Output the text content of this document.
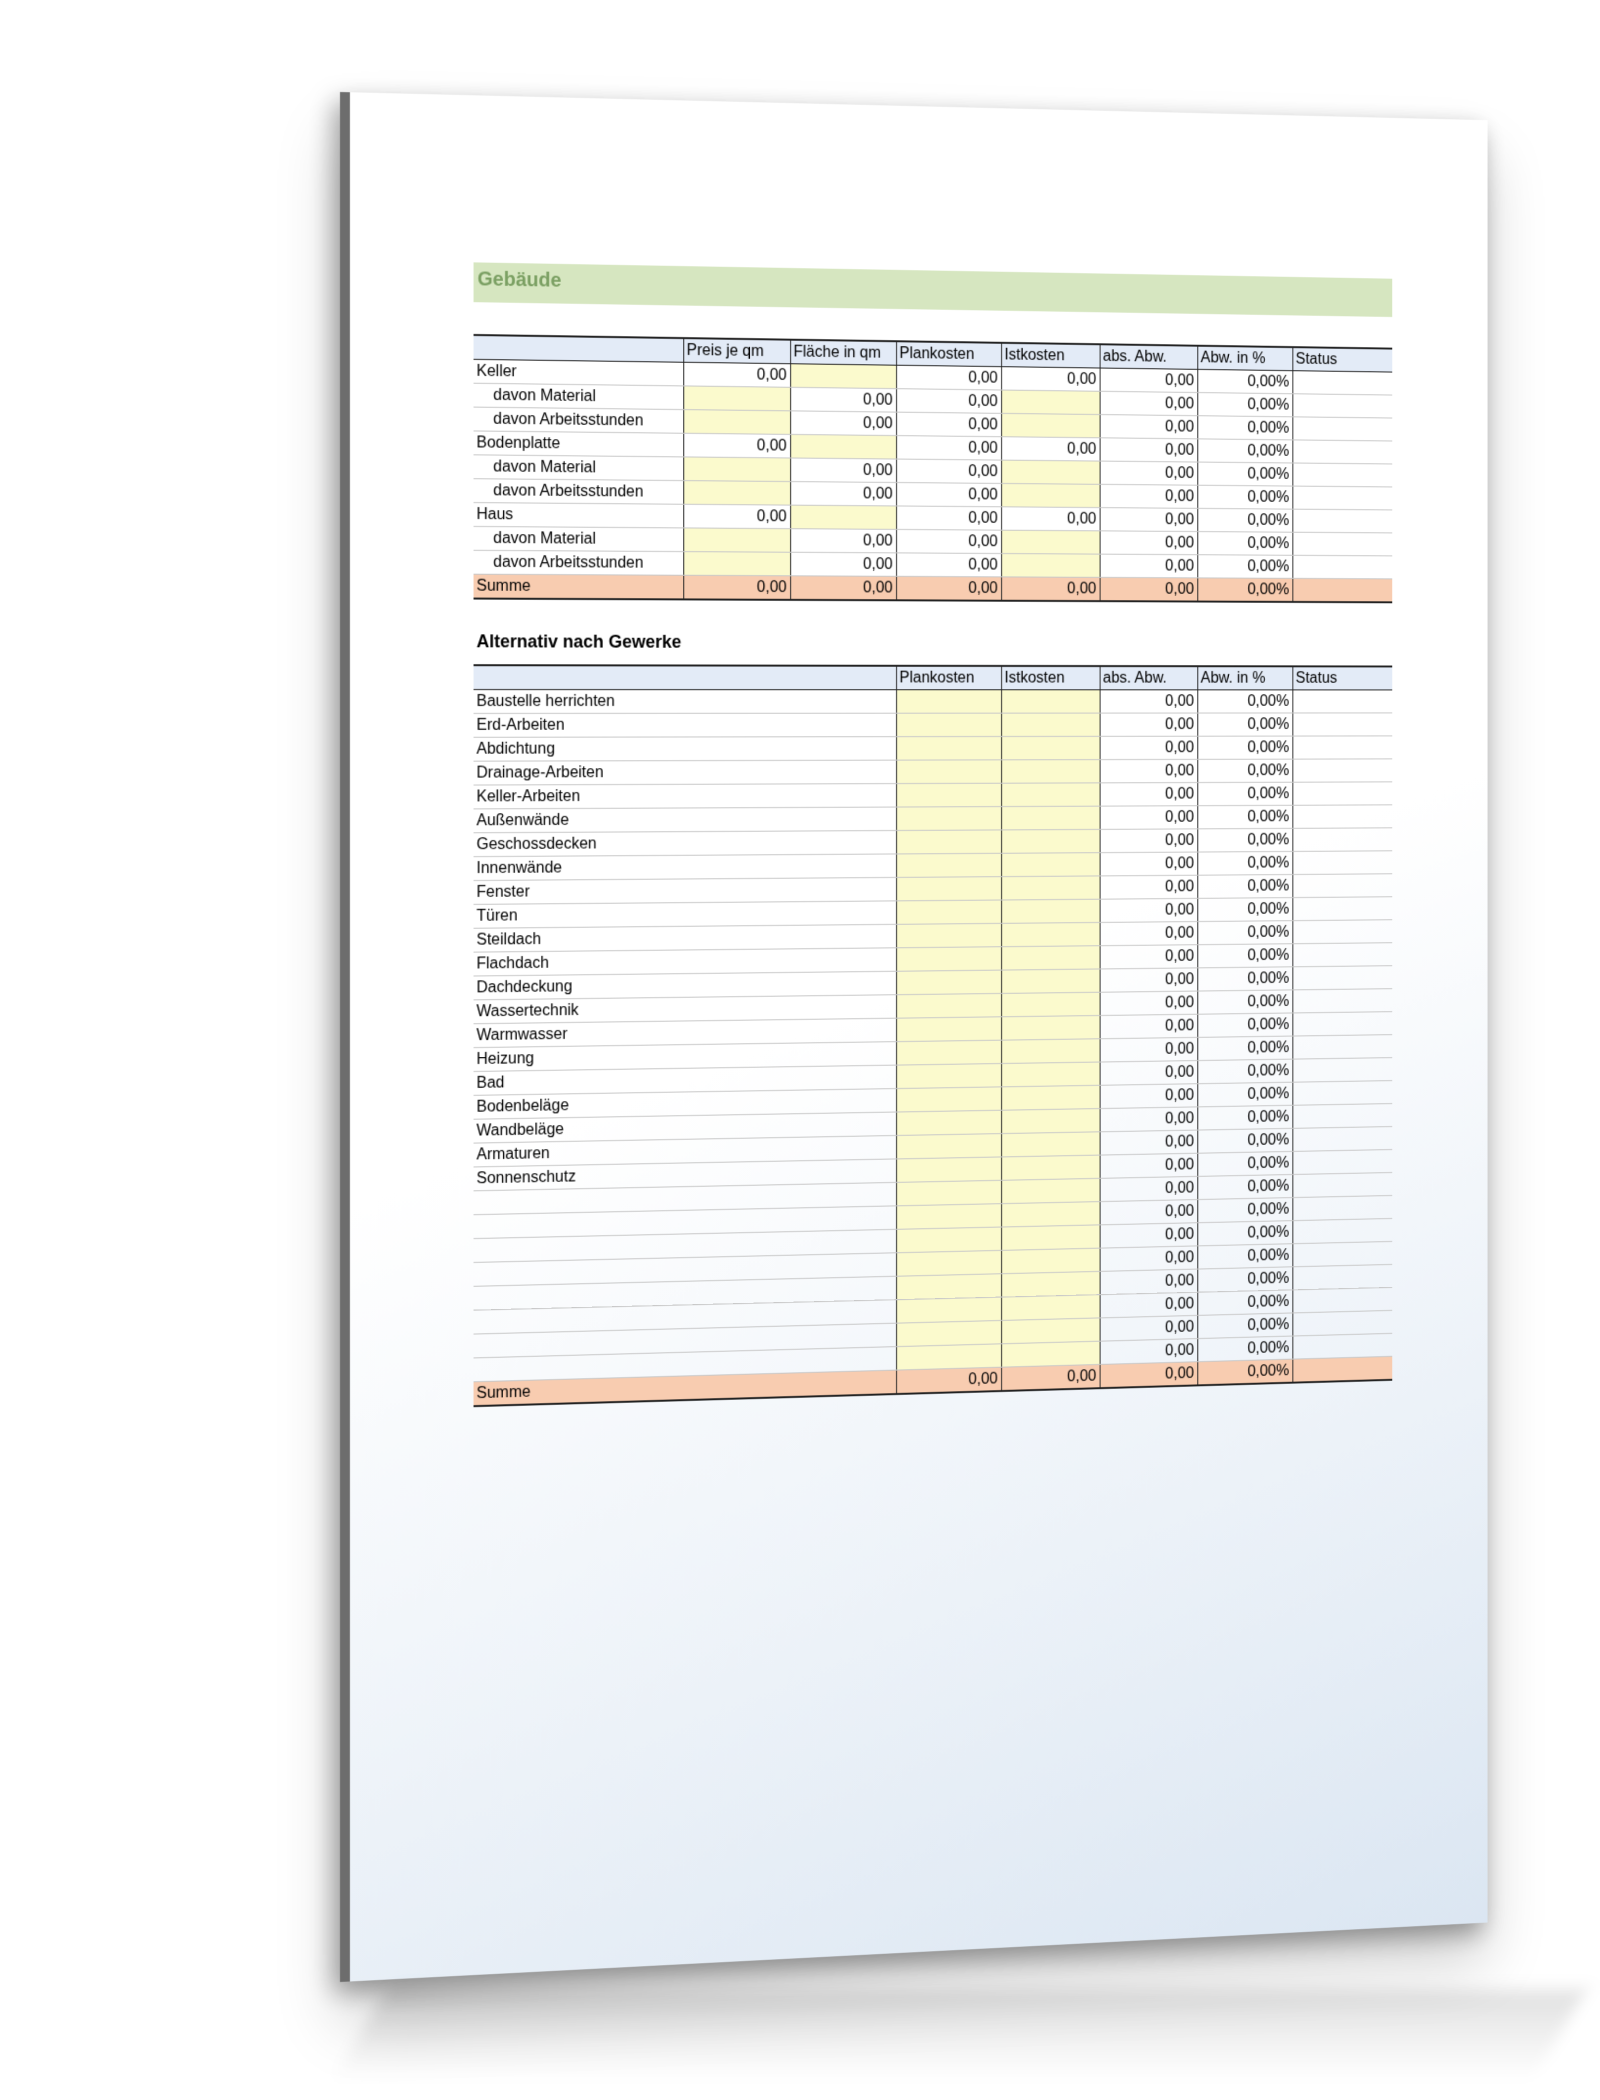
Gebäude
	Preis je qm	Fläche in qm	Plankosten	Istkosten	abs. Abw.	Abw. in %	Status
Keller	0,00		0,00	0,00	0,00	0,00%	
davon Material		0,00	0,00		0,00	0,00%	
davon Arbeitsstunden		0,00	0,00		0,00	0,00%	
Bodenplatte	0,00		0,00	0,00	0,00	0,00%	
davon Material		0,00	0,00		0,00	0,00%	
davon Arbeitsstunden		0,00	0,00		0,00	0,00%	
Haus	0,00		0,00	0,00	0,00	0,00%	
davon Material		0,00	0,00		0,00	0,00%	
davon Arbeitsstunden		0,00	0,00		0,00	0,00%	
Summe	0,00	0,00	0,00	0,00	0,00	0,00%	
Alternativ nach Gewerke
	Plankosten	Istkosten	abs. Abw.	Abw. in %	Status
Baustelle herrichten			0,00	0,00%	
Erd-Arbeiten			0,00	0,00%	
Abdichtung			0,00	0,00%	
Drainage-Arbeiten			0,00	0,00%	
Keller-Arbeiten			0,00	0,00%	
Außenwände			0,00	0,00%	
Geschossdecken			0,00	0,00%	
Innenwände			0,00	0,00%	
Fenster			0,00	0,00%	
Türen			0,00	0,00%	
Steildach			0,00	0,00%	
Flachdach			0,00	0,00%	
Dachdeckung			0,00	0,00%	
Wassertechnik			0,00	0,00%	
Warmwasser			0,00	0,00%	
Heizung			0,00	0,00%	
Bad			0,00	0,00%	
Bodenbeläge			0,00	0,00%	
Wandbeläge			0,00	0,00%	
Armaturen			0,00	0,00%	
Sonnenschutz			0,00	0,00%	
			0,00	0,00%	
			0,00	0,00%	
			0,00	0,00%	
			0,00	0,00%	
			0,00	0,00%	
			0,00	0,00%	
			0,00	0,00%	
			0,00	0,00%	
Summe	0,00	0,00	0,00	0,00%	
